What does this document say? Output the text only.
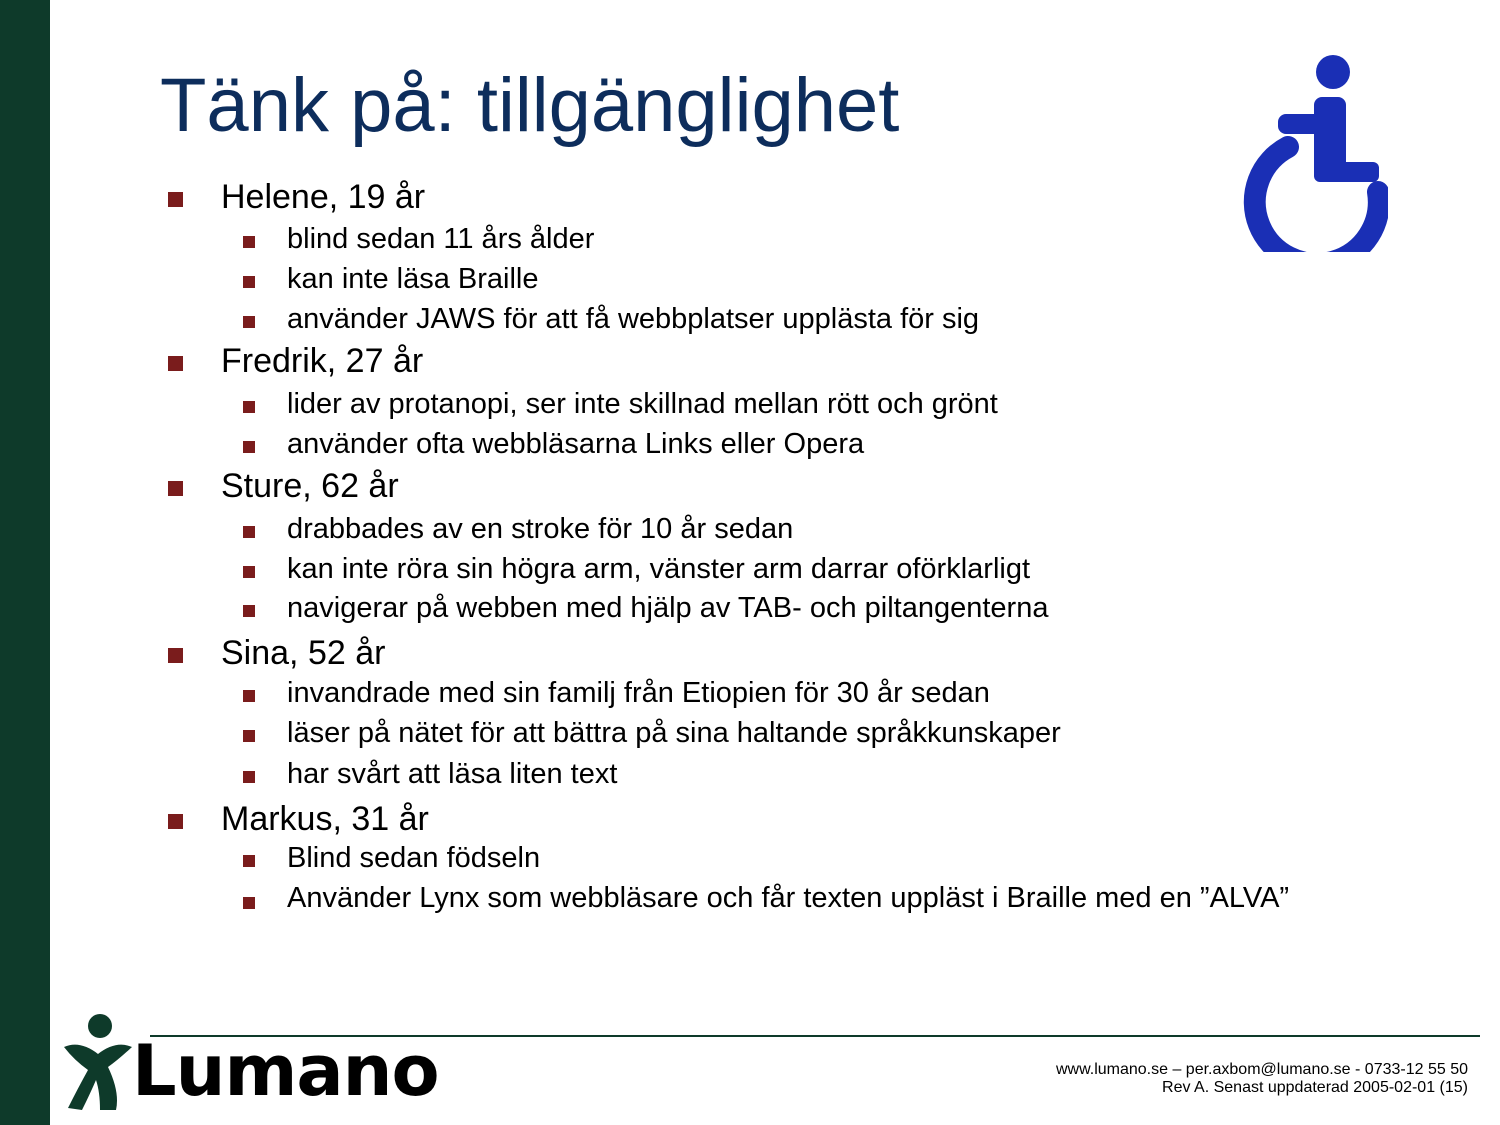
Tänk på: tillgänglighet
Helene, 19 år
blind sedan 11 års ålder
kan inte läsa Braille
använder JAWS för att få webbplatser upplästa för sig
Fredrik, 27 år
lider av protanopi, ser inte skillnad mellan rött och grönt
använder ofta webbläsarna Links eller Opera
Sture, 62 år
drabbades av en stroke för 10 år sedan
kan inte röra sin högra arm, vänster arm darrar oförklarligt
navigerar på webben med hjälp av TAB- och piltangenterna
Sina, 52 år
invandrade med sin familj från Etiopien för 30 år sedan
läser på nätet för att bättra på sina haltande språkkunskaper
har svårt att läsa liten text
Markus, 31 år
Blind sedan födseln
Använder Lynx som webbläsare och får texten uppläst i Braille med en ”ALVA”
Lumano	www.lumano.se – per.axbom@lumano.se - 0733-12 55 50
Rev A. Senast uppdaterad 2005-02-01 (15)
